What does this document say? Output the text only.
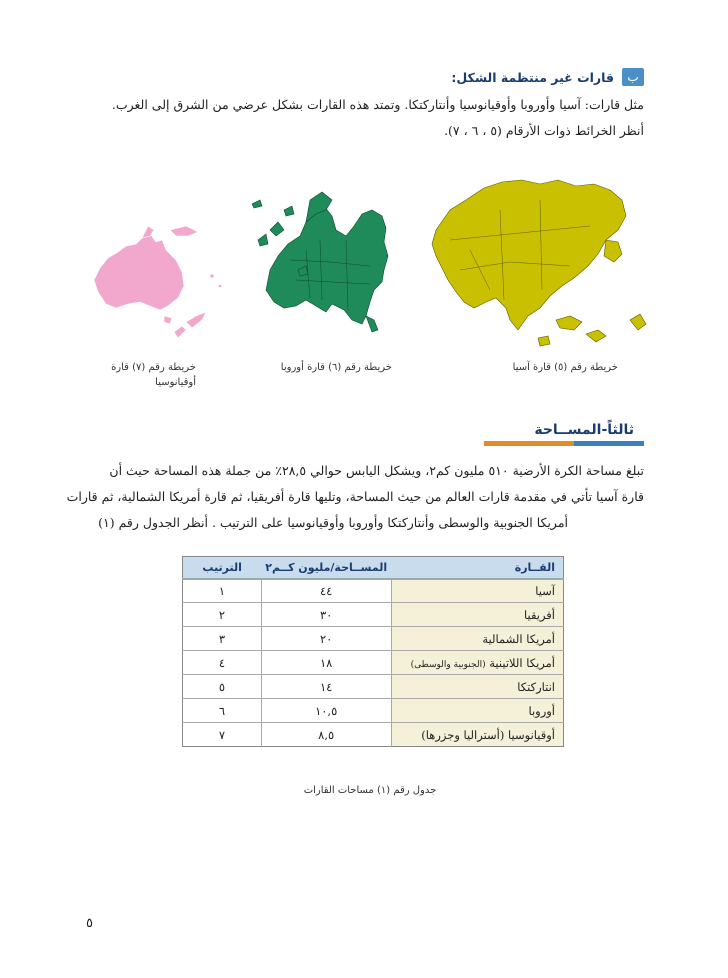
ب
قارات غير منتظمة الشكل:
مثل قارات: آسيا وأوروبا وأوقيانوسيا وأنتاركتكا. وتمتد هذه القارات بشكل عرضي من الشرق إلى الغرب.
أنظر الخرائط ذوات الأرقام (٥ ، ٦ ، ٧).
خريطة رقم (٥) قارة آسيا
خريطة رقم (٦) قارة أوروبا
خريطة رقم (٧) قارة أوقيانوسيا
ثالثاً-المســاحة
تبلغ مساحة الكرة الأرضية ٥١٠ مليون كم٢، ويشكل اليابس حوالي ٢٨,٥٪ من جملة هذه المساحة حيث أن
قارة آسيا تأتي في مقدمة قارات العالم من حيث المساحة، وتليها قارة أفريقيا، ثم قارة أمريكا الشمالية، ثم قارات
أمريكا الجنوبية والوسطى وأنتاركتكا وأوروبا وأوقيانوسيا على الترتيب . أنظر الجدول رقم (١)
القــارة	المســاحة/مليون كــم٢	الترتيب
آسيا	٤٤	١
أفريقيا	٣٠	٢
أمريكا الشمالية	٢٠	٣
أمريكا اللاتينية (الجنوبية والوسطى)	١٨	٤
انتاركتكا	١٤	٥
أوروبا	١٠,٥	٦
أوقيانوسيا (أستراليا وجزرها)	٨,٥	٧
جدول رقم (١) مساحات القارات
٥
